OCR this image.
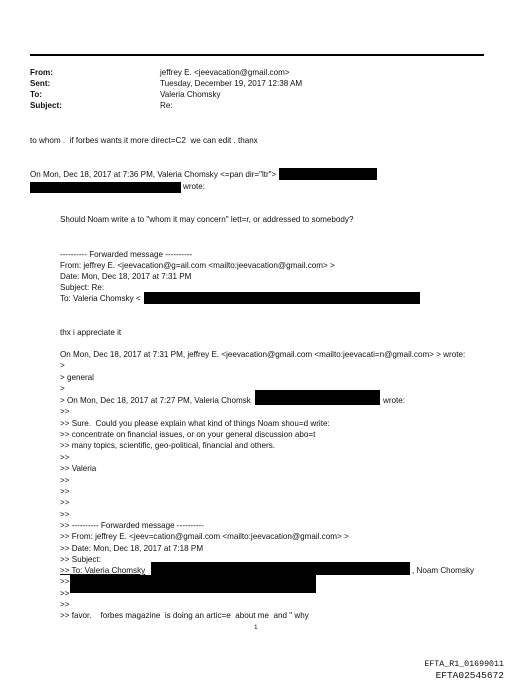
From:	jeffrey E. <jeevacation@gmail.com>
Sent:	Tuesday, December 19, 2017 12:38 AM
To:	Valeria Chomsky
Subject:	Re:
to whom .  if forbes wants it more direct=C2  we can edit . thanx
On Mon, Dec 18, 2017 at 7:36 PM, Valeria Chomsky <=pan dir="ltr">
wrote:
Should Noam write a to "whom it may concern" lett=r, or addressed to somebody?
---------- Forwarded message ----------
From: jeffrey E. <jeevacation@g=ail.com <mailto:jeevacation@gmail.com> >
Date: Mon, Dec 18, 2017 at 7:31 PM
Subject: Re:
To: Valeria Chomsky <
thx i appreciate it
On Mon, Dec 18, 2017 at 7:31 PM, jeffrey E. <jeevacation@gmail.com <mailto:jeevacati=n@gmail.com> > wrote:
>
> general
>
> On Mon, Dec 18, 2017 at 7:27 PM, Valeria Chomsk	wrote:
>>
>> Sure.  Could you please explain what kind of things Noam shou=d write:
>> concentrate on financial issues, or on your general discussion abo=t
>> many topics, scientific, geo-political, financial and others.
>>
>> Valeria
>>
>>
>>
>>
>> ---------- Forwarded message ----------
>> From: jeffrey E. <jeev=cation@gmail.com <mailto:jeevacation@gmail.com> >
>> Date: Mon, Dec 18, 2017 at 7:18 PM
>> Subject:
>> To: Valeria Chomsky	, Noam Chomsky
>>
>>
>>
>> favor.    forbes magazine  is doing an artic=e  about me  and " why
1
EFTA_R1_01699011
EFTA02545672
